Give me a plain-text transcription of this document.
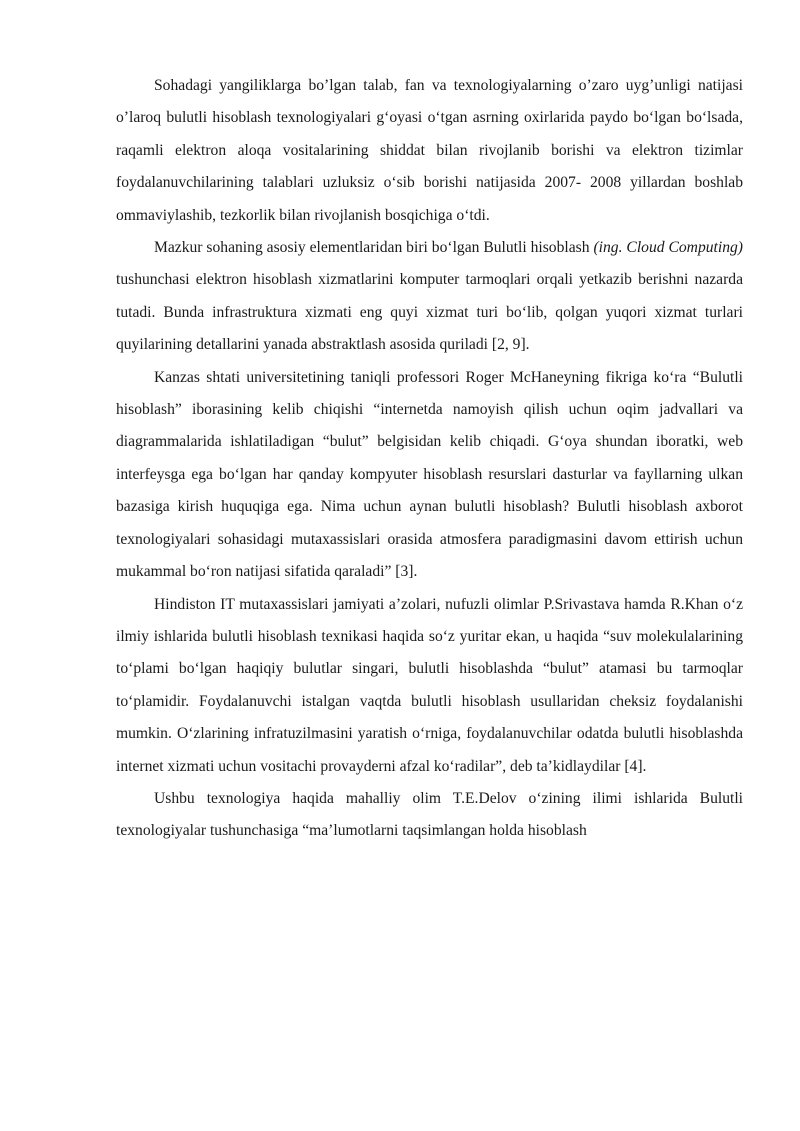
Sohadagi yangiliklarga bo’lgan talab, fan va texnologiyalarning o’zaro uyg’unligi natijasi o’laroq bulutli hisoblash texnologiyalari g‘oyasi o‘tgan asrning oxirlarida paydo bo‘lgan bo‘lsada, raqamli elektron aloqa vositalarining shiddat bilan rivojlanib borishi va elektron tizimlar foydalanuvchilarining talablari uzluksiz o‘sib borishi natijasida 2007- 2008 yillardan boshlab ommaviylashib, tezkorlik bilan rivojlanish bosqichiga o‘tdi.

Mazkur sohaning asosiy elementlaridan biri bo‘lgan Bulutli hisoblash (ing. Cloud Computing) tushunchasi elektron hisoblash xizmatlarini komputer tarmoqlari orqali yetkazib berishni nazarda tutadi. Bunda infrastruktura xizmati eng quyi xizmat turi bo‘lib, qolgan yuqori xizmat turlari quyilarining detallarini yanada abstraktlash asosida quriladi [2, 9].

Kanzas shtati universitetining taniqli professori Roger McHaneyning fikriga ko‘ra “Bulutli hisoblash” iborasining kelib chiqishi “internetda namoyish qilish uchun oqim jadvallari va diagrammalarida ishlatiladigan “bulut” belgisidan kelib chiqadi. G‘oya shundan iboratki, web interfeysga ega bo‘lgan har qanday kompyuter hisoblash resurslari dasturlar va fayllarning ulkan bazasiga kirish huquqiga ega. Nima uchun aynan bulutli hisoblash? Bulutli hisoblash axborot texnologiyalari sohasidagi mutaxassislari orasida atmosfera paradigmasini davom ettirish uchun mukammal bo‘ron natijasi sifatida qaraladi” [3].

Hindiston IT mutaxassislari jamiyati a’zolari, nufuzli olimlar P.Srivastava hamda R.Khan o‘z ilmiy ishlarida bulutli hisoblash texnikasi haqida so‘z yuritar ekan, u haqida “suv molekulalarining to‘plami bo‘lgan haqiqiy bulutlar singari, bulutli hisoblashda “bulut” atamasi bu tarmoqlar to‘plamidir. Foydalanuvchi istalgan vaqtda bulutli hisoblash usullaridan cheksiz foydalanishi mumkin. O‘zlarining infratuzilmasini yaratish o‘rniga, foydalanuvchilar odatda bulutli hisoblashda internet xizmati uchun vositachi provayderni afzal ko‘radilar”, deb ta’kidlaydilar [4].

Ushbu texnologiya haqida mahalliy olim T.E.Delov o‘zining ilimi ishlarida Bulutli texnologiyalar tushunchasiga “ma’lumotlarni taqsimlangan holda hisoblash
